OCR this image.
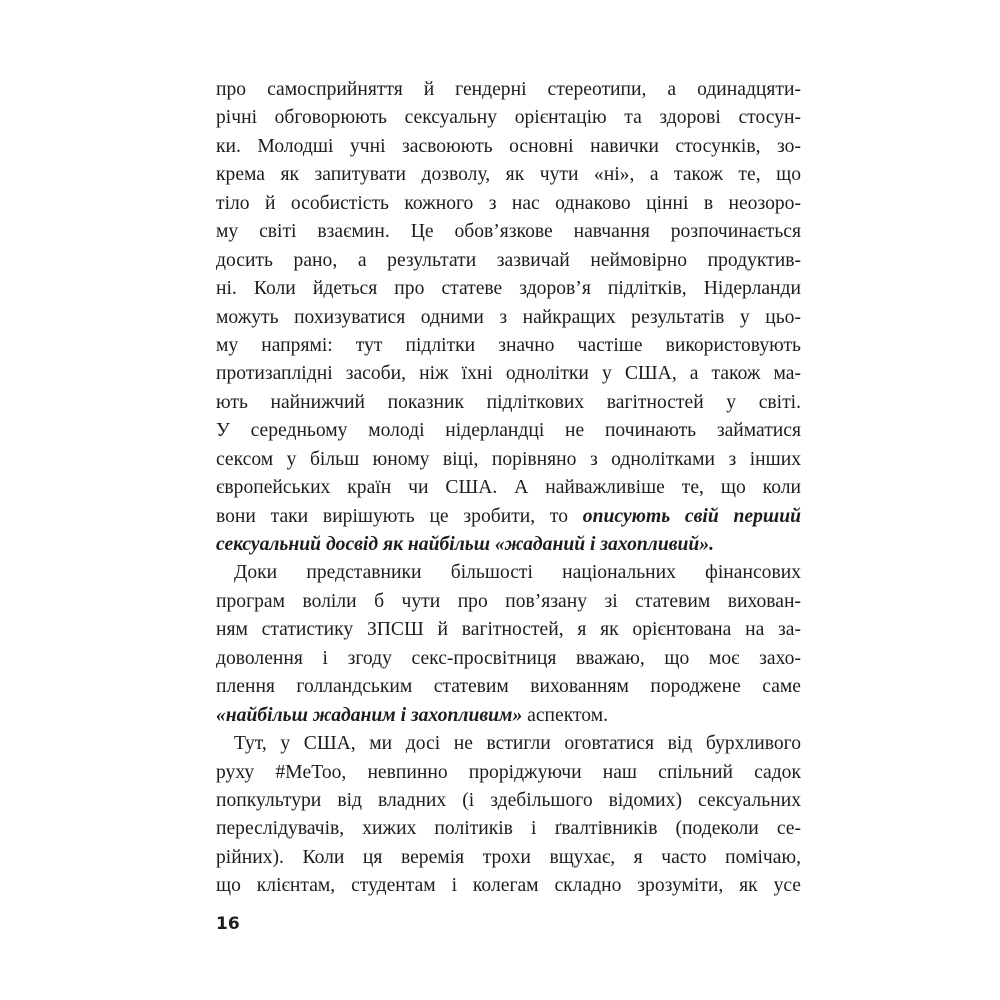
про самосприйняття й гендерні стереотипи, а одинадцяти-
річні обговорюють сексуальну орієнтацію та здорові стосун-
ки. Молодші учні засвоюють основні навички стосунків, зо-
крема як запитувати дозволу, як чути «ні», а також те, що
тіло й особистість кожного з нас однаково цінні в неозоро-
му світі взаємин. Це обов’язкове навчання розпочинається
досить рано, а результати зазвичай неймовірно продуктив-
ні. Коли йдеться про статеве здоров’я підлітків, Нідерланди
можуть похизуватися одними з найкращих результатів у цьо-
му напрямі: тут підлітки значно частіше використовують
протизаплідні засоби, ніж їхні однолітки у США, а також ма-
ють найнижчий показник підліткових вагітностей у світі.
У середньому молоді нідерландці не починають займатися
сексом у більш юному віці, порівняно з однолітками з інших
європейських країн чи США. А найважливіше те, що коли
вони таки вирішують це зробити, то описують свій перший
сексуальний досвід як найбільш «жаданий і захопливий».
Доки представники більшості національних фінансових
програм воліли б чути про пов’язану зі статевим вихован-
ням статистику ЗПСШ й вагітностей, я як орієнтована на за-
доволення і згоду секс-просвітниця вважаю, що моє захо-
плення голландським статевим вихованням породжене саме
«найбільш жаданим і захопливим» аспектом.
Тут, у США, ми досі не встигли оговтатися від бурхливого
руху #MeToo, невпинно проріджуючи наш спільний садок
попкультури від владних (і здебільшого відомих) сексуальних
переслідувачів, хижих політиків і ґвалтівників (подеколи се-
рійних). Коли ця веремія трохи вщухає, я часто помічаю,
що клієнтам, студентам і колегам складно зрозуміти, як усе
16
